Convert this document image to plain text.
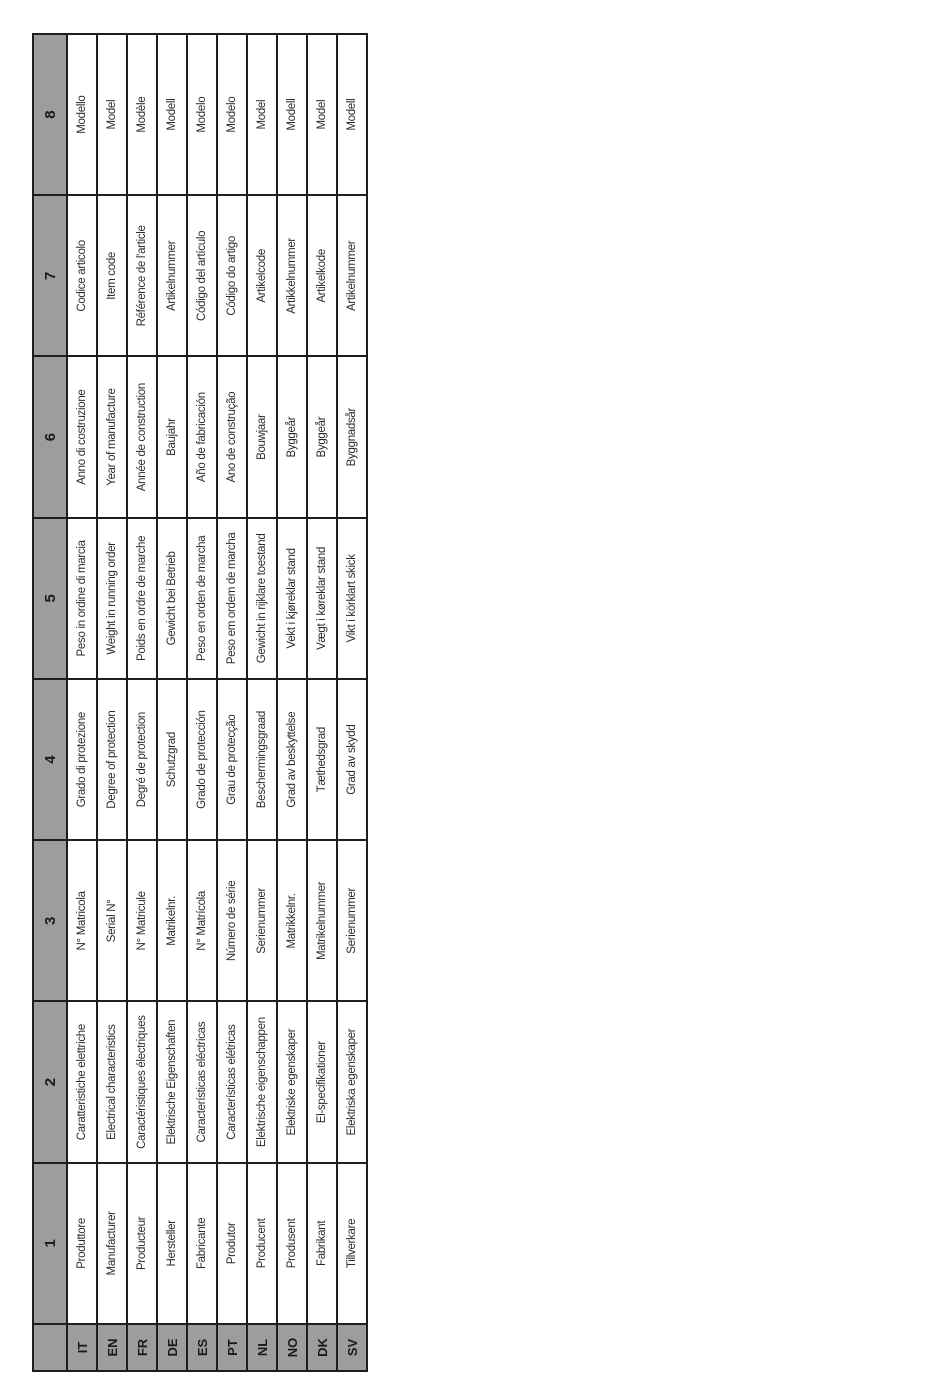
	1	2	3	4	5	6	7	8
IT	Produttore	Caratteristiche elettriche	N° Matricola	Grado di protezione	Peso in ordine di marcia	Anno di costruzione	Codice articolo	Modello
EN	Manufacturer	Electrical characteristics	Serial N°	Degree of protection	Weight in running order	Year of manufacture	Item code	Model
FR	Producteur	Caractéristiques électriques	N° Matricule	Degré de protection	Poids en ordre de marche	Année de construction	Référence de l'article	Modèle
DE	Hersteller	Elektrische Eigenschaften	Matrikelnr.	Schutzgrad	Gewicht bei Betrieb	Baujahr	Artikelnummer	Modell
ES	Fabricante	Características eléctricas	N° Matrícola	Grado de protección	Peso en orden de marcha	Año de fabricación	Código del artículo	Modelo
PT	Produtor	Características elétricas	Número de série	Grau de protecção	Peso em ordem de marcha	Ano de construção	Código do artigo	Modelo
NL	Producent	Elektrische eigenschappen	Serienummer	Beschermingsgraad	Gewicht in rijklare toestand	Bouwjaar	Artikelcode	Model
NO	Produsent	Elektriske egenskaper	Matrikkelnr.	Grad av beskyttelse	Vekt i kjøreklar stand	Byggeår	Artikkelnummer	Modell
DK	Fabrikant	El-specifikationer	Matrikelnummer	Tæthedsgrad	Vægt i køreklar stand	Byggeår	Artikelkode	Model
SV	Tillverkare	Elektriska egenskaper	Serienummer	Grad av skydd	Vikt i körklart skick	Byggnadsår	Artikelnummer	Modell
